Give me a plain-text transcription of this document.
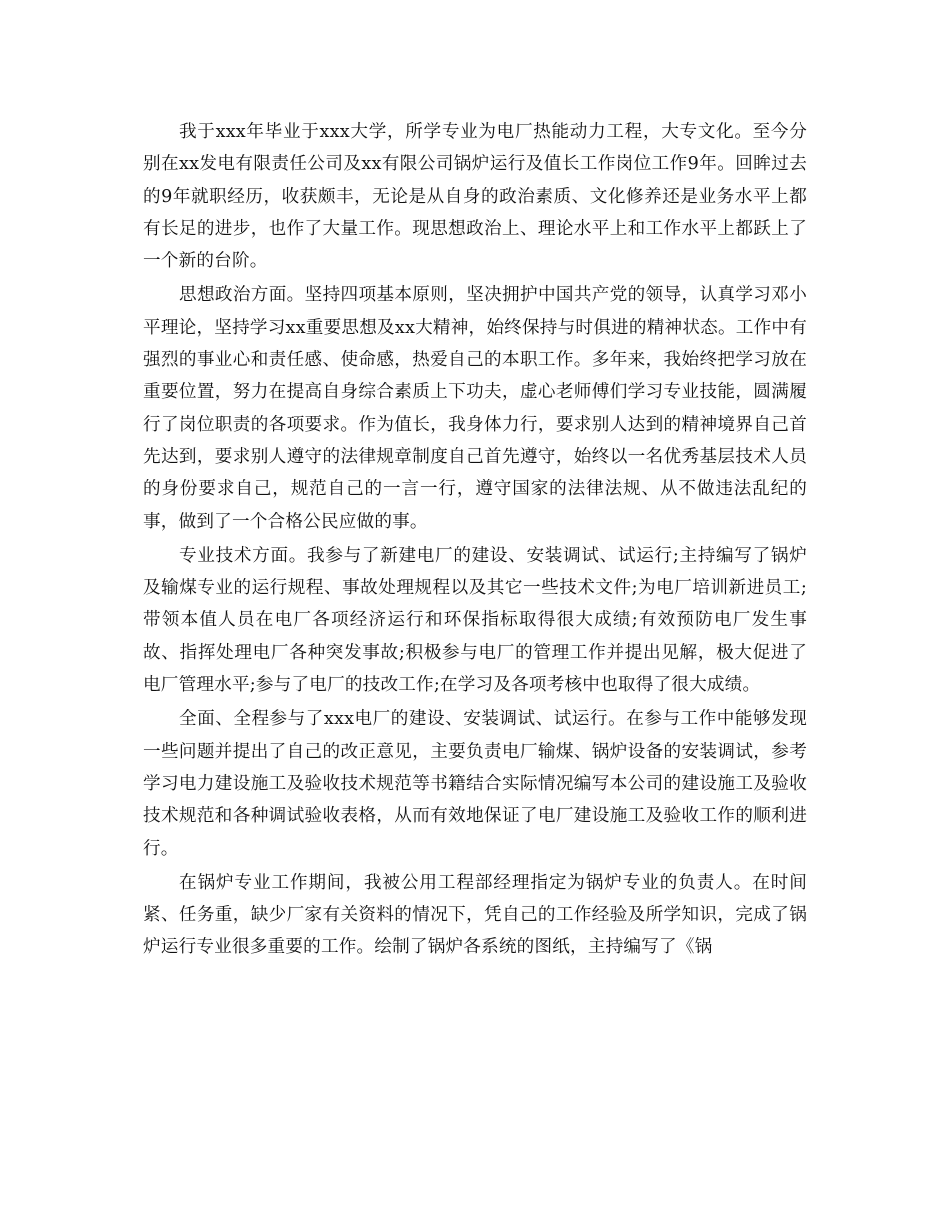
我于xxx年毕业于xxx大学，所学专业为电厂热能动力工程，大专文化。至今分别在xx发电有限责任公司及xx有限公司锅炉运行及值长工作岗位工作9年。回眸过去的9年就职经历，收获颇丰，无论是从自身的政治素质、文化修养还是业务水平上都有长足的进步，也作了大量工作。现思想政治上、理论水平上和工作水平上都跃上了一个新的台阶。

思想政治方面。坚持四项基本原则，坚决拥护中国共产党的领导，认真学习邓小平理论，坚持学习xx重要思想及xx大精神，始终保持与时俱进的精神状态。工作中有强烈的事业心和责任感、使命感，热爱自己的本职工作。多年来，我始终把学习放在重要位置，努力在提高自身综合素质上下功夫，虚心老师傅们学习专业技能，圆满履行了岗位职责的各项要求。作为值长，我身体力行，要求别人达到的精神境界自己首先达到，要求别人遵守的法律规章制度自己首先遵守，始终以一名优秀基层技术人员的身份要求自己，规范自己的一言一行，遵守国家的法律法规、从不做违法乱纪的事，做到了一个合格公民应做的事。

专业技术方面。我参与了新建电厂的建设、安装调试、试运行;主持编写了锅炉及输煤专业的运行规程、事故处理规程以及其它一些技术文件;为电厂培训新进员工;带领本值人员在电厂各项经济运行和环保指标取得很大成绩;有效预防电厂发生事故、指挥处理电厂各种突发事故;积极参与电厂的管理工作并提出见解，极大促进了电厂管理水平;参与了电厂的技改工作;在学习及各项考核中也取得了很大成绩。

全面、全程参与了xxx电厂的建设、安装调试、试运行。在参与工作中能够发现一些问题并提出了自己的改正意见，主要负责电厂输煤、锅炉设备的安装调试，参考学习电力建设施工及验收技术规范等书籍结合实际情况编写本公司的建设施工及验收技术规范和各种调试验收表格，从而有效地保证了电厂建设施工及验收工作的顺利进行。

在锅炉专业工作期间，我被公用工程部经理指定为锅炉专业的负责人。在时间紧、任务重，缺少厂家有关资料的情况下，凭自己的工作经验及所学知识，完成了锅炉运行专业很多重要的工作。绘制了锅炉各系统的图纸，主持编写了《锅
